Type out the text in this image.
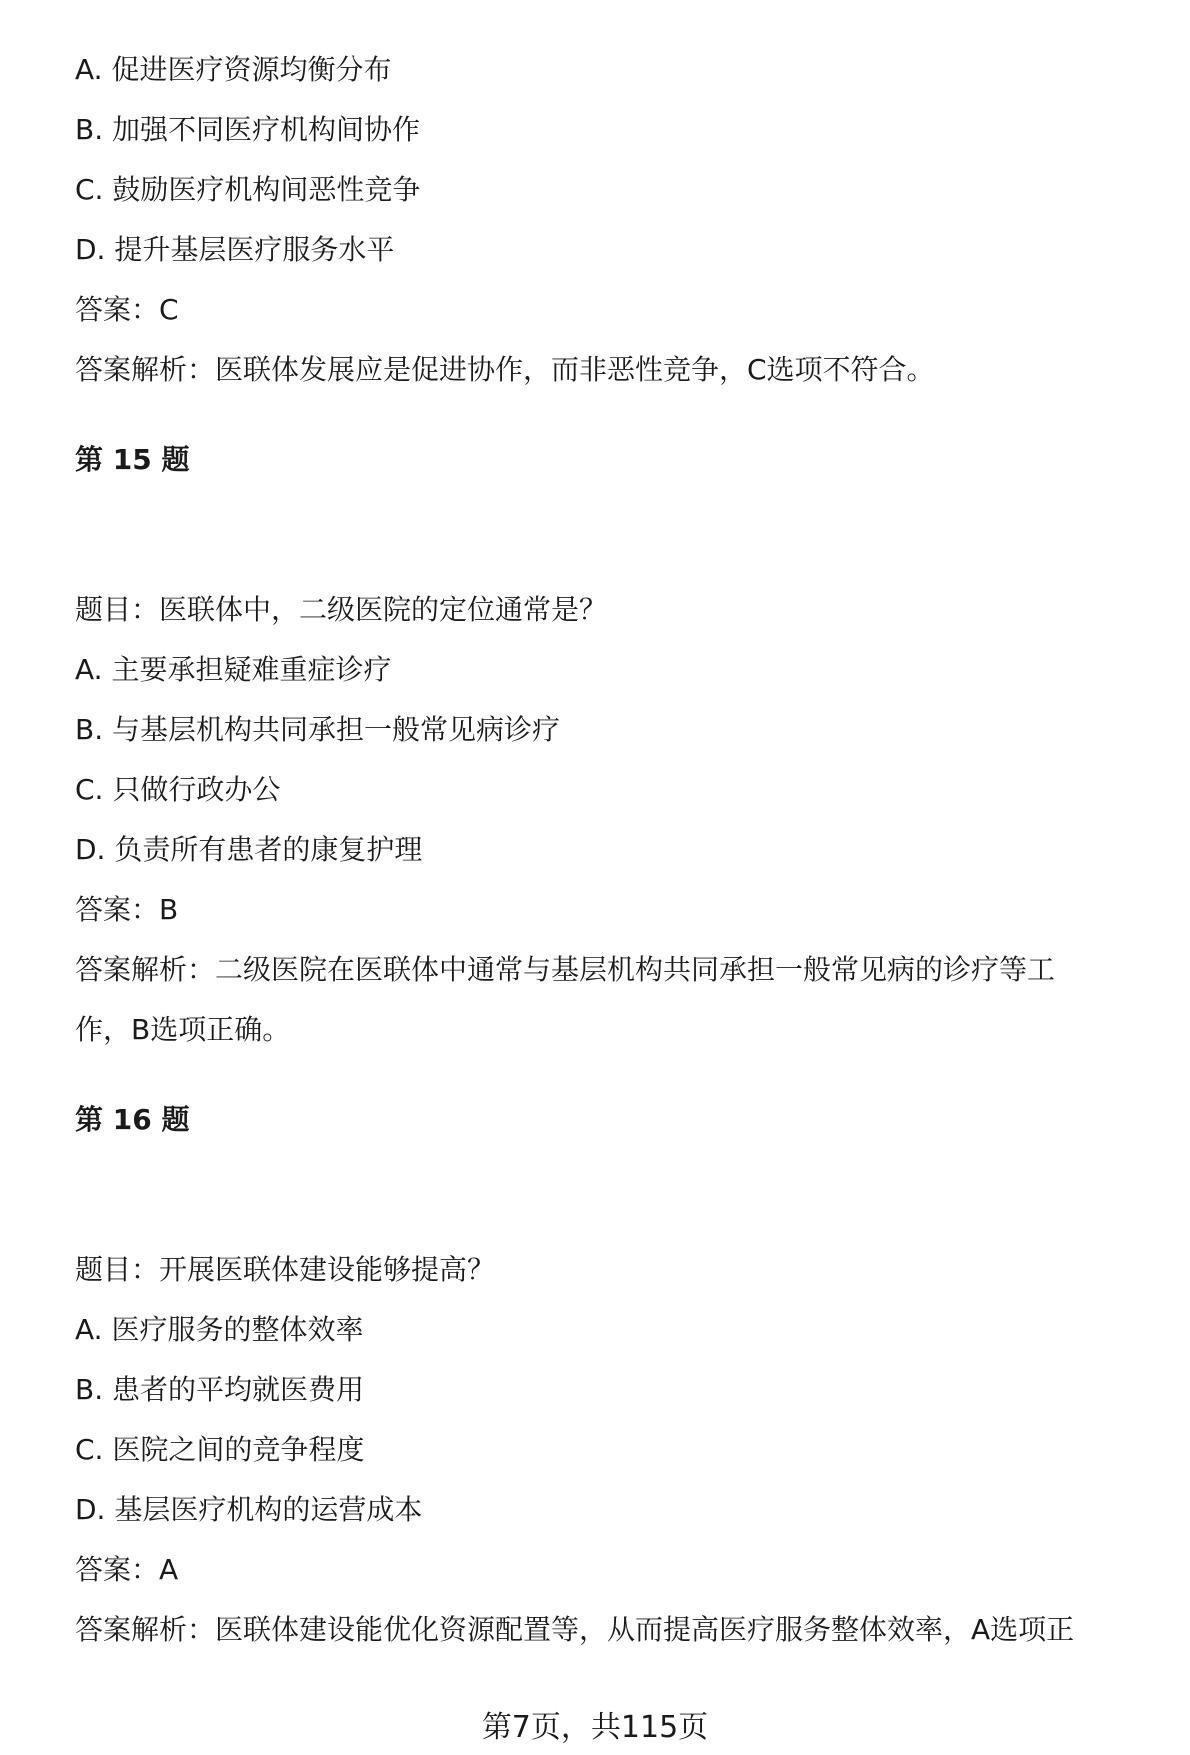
A. 促进医疗资源均衡分布
B. 加强不同医疗机构间协作
C. 鼓励医疗机构间恶性竞争
D. 提升基层医疗服务水平
答案：C
答案解析：医联体发展应是促进协作，而非恶性竞争，C选项不符合。
第 15 题
题目：医联体中，二级医院的定位通常是？
A. 主要承担疑难重症诊疗
B. 与基层机构共同承担一般常见病诊疗
C. 只做行政办公
D. 负责所有患者的康复护理
答案：B
答案解析：二级医院在医联体中通常与基层机构共同承担一般常见病的诊疗等工
作，B选项正确。
第 16 题
题目：开展医联体建设能够提高？
A. 医疗服务的整体效率
B. 患者的平均就医费用
C. 医院之间的竞争程度
D. 基层医疗机构的运营成本
答案：A
答案解析：医联体建设能优化资源配置等，从而提高医疗服务整体效率，A选项正
第7页，共115页
